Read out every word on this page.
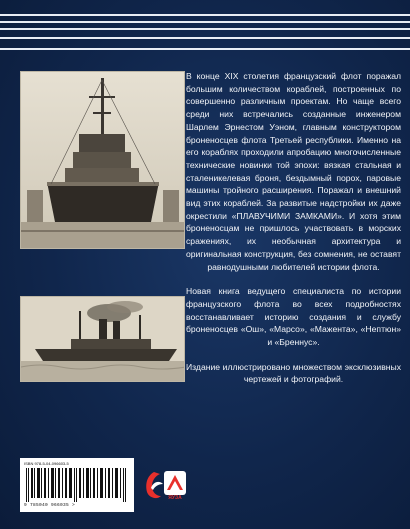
В конце XIX столетия французский флот поражал большим количеством кораблей, построенных по совершенно различным проектам. Но чаще всего среди них встречались созданные инженером Шарлем Эрнестом Уэном, главным конструктором броненосцев флота Третьей республики. Именно на его кораблях проходили апробацию многочисленные технические новинки той эпохи: вязкая стальная и сталеникелевая броня, бездымный порох, паровые машины тройного расширения. Поражал и внешний вид этих кораблей. За развитые надстройки их даже окрестили «ПЛАВУЧИМИ ЗАМКАМИ». И хотя этим броненосцам не пришлось участвовать в морских сражениях, их необычная архитектура и оригинальная конструкция, без сомнения, не оставят равнодушными любителей истории флота.

Новая книга ведущего специалиста по истории французского флота во всех подробностях восстанавливает историю создания и службу броненосцев «Ош», «Марсо», «Мажента», «Нептюн» и «Бреннус».

Издание иллюстрировано множеством эксклюзивных чертежей и фотографий.

ISBN 978-5-04-096603-5
9 785040 966035 >
ЯУЗА
